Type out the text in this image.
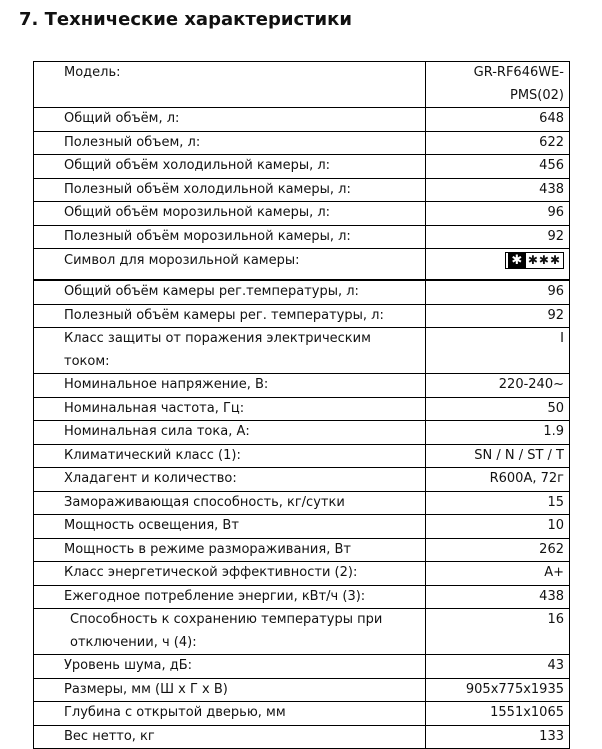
7. Технические характеристики
Модель:	GR-RF646WE-PMS(02)
Общий объём, л:	648
Полезный объем, л:	622
Общий объём холодильной камеры, л:	456
Полезный объём холодильной камеры, л:	438
Общий объём морозильной камеры, л:	96
Полезный объём морозильной камеры, л:	92
Символ для морозильной камеры:	✱ ✱✱✱

Общий объём камеры рег.температуры, л:	96
Полезный объём камеры рег. температуры, л:	92

Класс защиты от поражения электрическим
током:	I
Номинальное напряжение, В:	220-240~
Номинальная частота, Гц:	50
Номинальная сила тока, А:	1.9
Климатический класс (1):	SN / N / ST / T
Хладагент и количество:	R600A, 72г
Замораживающая способность, кг/сутки	15
Мощность освещения, Вт	10
Мощность в режиме размораживания, Вт	262
Класс энергетической эффективности (2):	A+
Ежегодное потребление энергии, кВт/ч (3):	438

Способность к сохранению температуры при
отключении, ч (4):	16
Уровень шума, дБ:	43
Размеры, мм (Ш х Г х В)	905x775x1935
Глубина с открытой дверью, мм	1551x1065
Вес нетто, кг	133
